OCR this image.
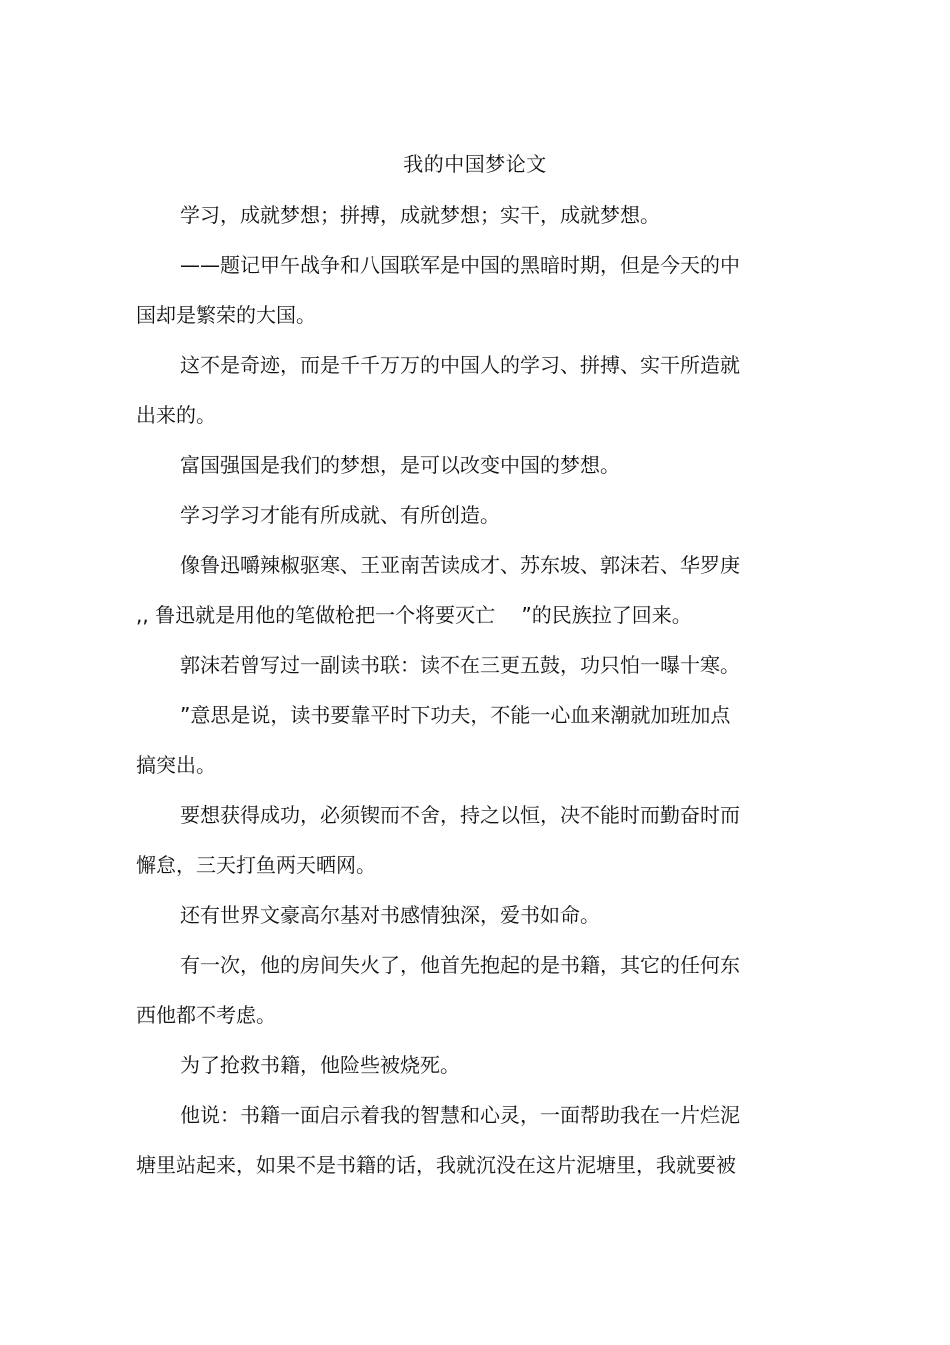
我的中国梦论文
学习，成就梦想；拼搏，成就梦想；实干，成就梦想。
——题记甲午战争和八国联军是中国的黑暗时期，但是今天的中
国却是繁荣的大国。
这不是奇迹，而是千千万万的中国人的学习、拼搏、实干所造就
出来的。
富国强国是我们的梦想，是可以改变中国的梦想。
学习学习才能有所成就、有所创造。
像鲁迅嚼辣椒驱寒、王亚南苦读成才、苏东坡、郭沫若、华罗庚
,, 鲁迅就是用他的笔做枪把一个将要灭亡　 ”的民族拉了回来。
郭沫若曾写过一副读书联：读不在三更五鼓，功只怕一曝十寒。
”意思是说，读书要靠平时下功夫，不能一心血来潮就加班加点
搞突出。
要想获得成功，必须锲而不舍，持之以恒，决不能时而勤奋时而
懈怠，三天打鱼两天晒网。
还有世界文豪高尔基对书感情独深，爱书如命。
有一次，他的房间失火了，他首先抱起的是书籍，其它的任何东
西他都不考虑。
为了抢救书籍，他险些被烧死。
他说：书籍一面启示着我的智慧和心灵，一面帮助我在一片烂泥
塘里站起来，如果不是书籍的话，我就沉没在这片泥塘里，我就要被
